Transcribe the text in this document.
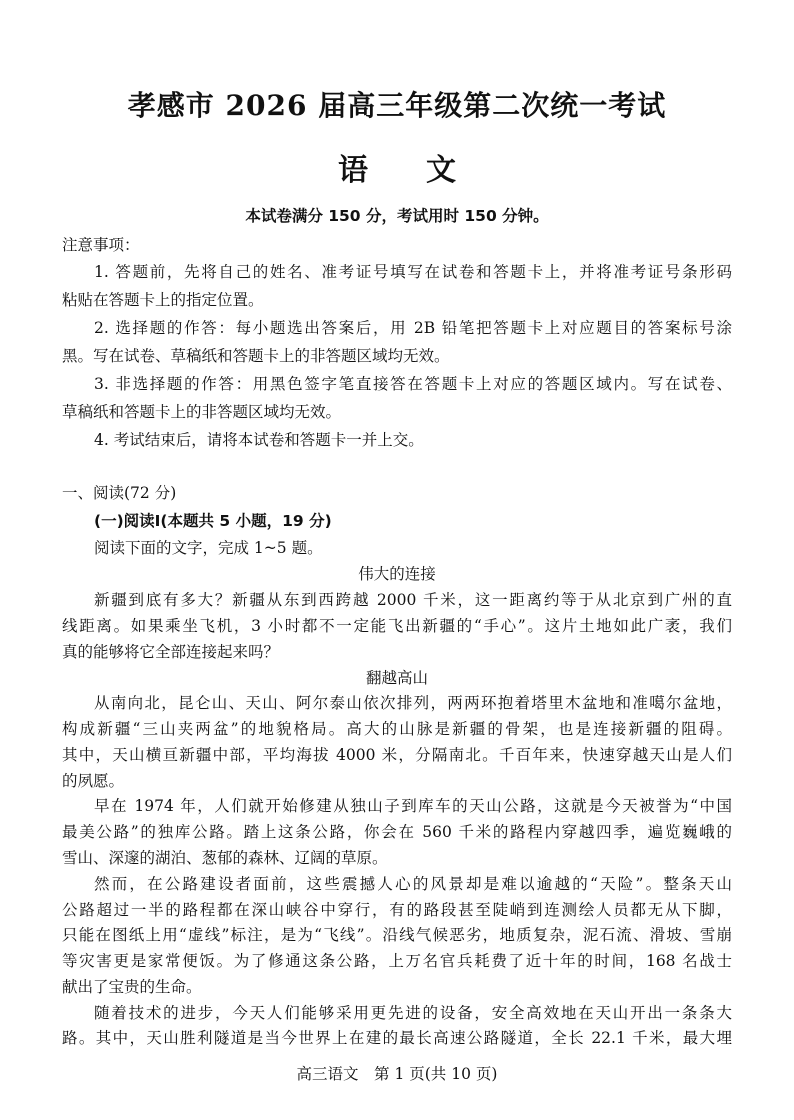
孝感市 2026 届高三年级第二次统一考试
语文
本试卷满分 150 分，考试用时 150 分钟。
注意事项：
1. 答题前，先将自己的姓名、准考证号填写在试卷和答题卡上，并将准考证号条形码
粘贴在答题卡上的指定位置。
2. 选择题的作答：每小题选出答案后，用 2B 铅笔把答题卡上对应题目的答案标号涂
黑。写在试卷、草稿纸和答题卡上的非答题区域均无效。
3. 非选择题的作答：用黑色签字笔直接答在答题卡上对应的答题区域内。写在试卷、
草稿纸和答题卡上的非答题区域均无效。
4. 考试结束后，请将本试卷和答题卡一并上交。
一、阅读(72 分)
(一)阅读Ⅰ(本题共 5 小题，19 分)
阅读下面的文字，完成 1~5 题。
伟大的连接
新疆到底有多大？新疆从东到西跨越 2000 千米，这一距离约等于从北京到广州的直
线距离。如果乘坐飞机，3 小时都不一定能飞出新疆的“手心”。这片土地如此广袤，我们
真的能够将它全部连接起来吗？
翻越高山
从南向北，昆仑山、天山、阿尔泰山依次排列，两两环抱着塔里木盆地和准噶尔盆地，
构成新疆“三山夹两盆”的地貌格局。高大的山脉是新疆的骨架，也是连接新疆的阻碍。
其中，天山横亘新疆中部，平均海拔 4000 米，分隔南北。千百年来，快速穿越天山是人们
的夙愿。
早在 1974 年，人们就开始修建从独山子到库车的天山公路，这就是今天被誉为“中国
最美公路”的独库公路。踏上这条公路，你会在 560 千米的路程内穿越四季，遍览巍峨的
雪山、深邃的湖泊、葱郁的森林、辽阔的草原。
然而，在公路建设者面前，这些震撼人心的风景却是难以逾越的“天险”。整条天山
公路超过一半的路程都在深山峡谷中穿行，有的路段甚至陡峭到连测绘人员都无从下脚，
只能在图纸上用“虚线”标注，是为“飞线”。沿线气候恶劣，地质复杂，泥石流、滑坡、雪崩
等灾害更是家常便饭。为了修通这条公路，上万名官兵耗费了近十年的时间，168 名战士
献出了宝贵的生命。
随着技术的进步，今天人们能够采用更先进的设备，安全高效地在天山开出一条条大
路。其中，天山胜利隧道是当今世界上在建的最长高速公路隧道，全长 22.1 千米，最大埋
高三语文　第 1 页(共 10 页)
